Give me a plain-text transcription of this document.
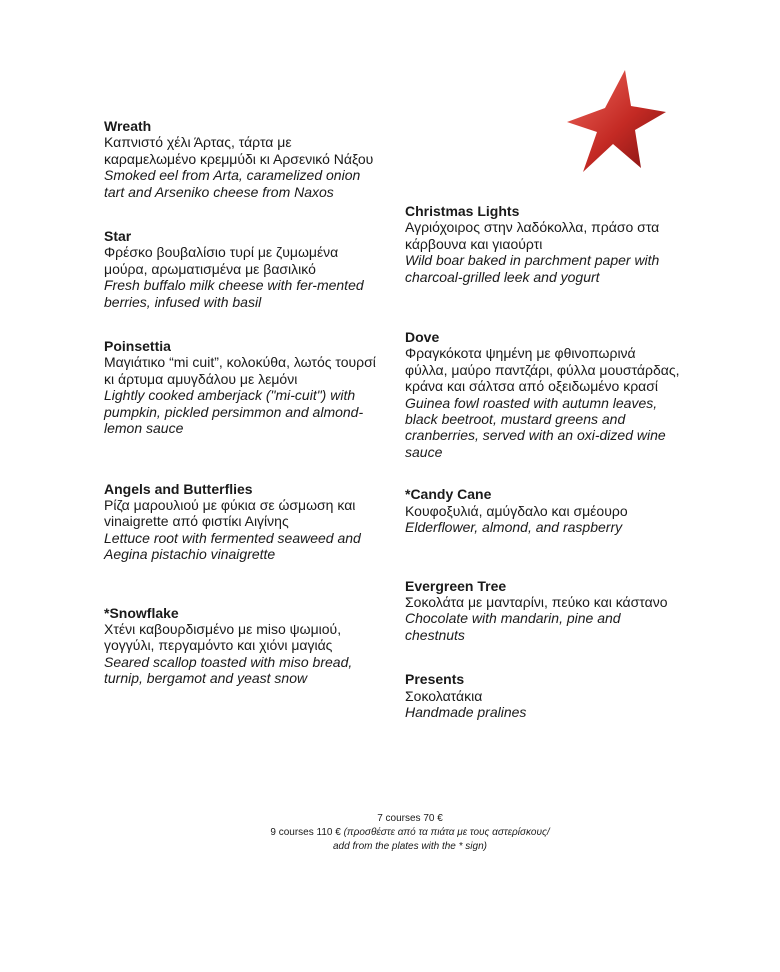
Wreath
Καπνιστό χέλι Άρτας, τάρτα με καραμελωμένο κρεμμύδι κι Αρσενικό Νάξου
Smoked eel from Arta, caramelized onion tart and Arseniko cheese from Naxos

Star
Φρέσκο βουβαλίσιο τυρί με ζυμωμένα μούρα, αρωματισμένα με βασιλικό
Fresh buffalo milk cheese with fer-mented berries, infused with basil

Poinsettia
Μαγιάτικο “mi cuit”, κολοκύθα, λωτός τουρσί κι άρτυμα αμυγδάλου με λεμόνι
Lightly cooked amberjack ("mi-cuit") with pumpkin, pickled persimmon and almond-lemon sauce

Angels and Butterflies
Ρίζα μαρουλιού με φύκια σε ώσμωση και vinaigrette από φιστίκι Αιγίνης
Lettuce root with fermented seaweed and Aegina pistachio vinaigrette

*Snowflake
Χτένι καβουρδισμένο με miso ψωμιού, γογγύλι, περγαμόντο και χιόνι μαγιάς
Seared scallop toasted with miso bread, turnip, bergamot and yeast snow

Christmas Lights
Αγριόχοιρος στην λαδόκολλα, πράσο στα κάρβουνα και γιαούρτι
Wild boar baked in parchment paper with charcoal-grilled leek and yogurt

Dove
Φραγκόκοτα ψημένη με φθινοπωρινά φύλλα, μαύρο παντζάρι, φύλλα μουστάρδας, κράνα και σάλτσα από οξειδωμένο κρασί
Guinea fowl roasted with autumn leaves, black beetroot, mustard greens and cranberries, served with an oxi-dized wine sauce

*Candy Cane
Κουφοξυλιά, αμύγδαλο και σμέουρο
Elderflower, almond, and raspberry

Evergreen Tree
Σοκολάτα με μανταρίνι, πεύκο και κάστανο
Chocolate with mandarin, pine and chestnuts

Presents
Σοκολατάκια
Handmade pralines

7 courses 70 €
9 courses 110 € (προσθέστε από τα πιάτα με τους αστερίσκους/
add from the plates with the * sign)
